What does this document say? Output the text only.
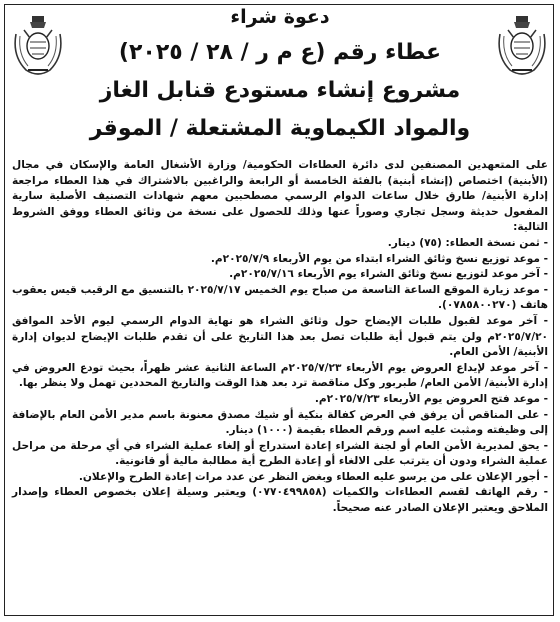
دعوة شراء
عطاء رقم (ع م ر / ٢٨ / ٢٠٢٥)
مشروع إنشاء مستودع قنابل الغاز
والمواد الكيماوية المشتعلة / الموقر

على المتعهدين المصنفين لدى دائرة العطاءات الحكومية/ وزارة الأشغال العامة والإسكان في مجال (الأبنية) اختصاص (إنشاء أبنية) بالفئة الخامسة أو الرابعة والراغبين بالاشتراك في هذا العطاء مراجعة إدارة الأبنية/ طارق خلال ساعات الدوام الرسمي مصطحبين معهم شهادات التصنيف الأصلية سارية المفعول حديثة وسجل تجاري وصوراً عنها وذلك للحصول على نسخة من وثائق العطاء ووفق الشروط التالية:

- ثمن نسخة العطاء: (٧٥) دينار.
- موعد توزيع نسخ وثائق الشراء ابتداء من يوم الأربعاء ٢٠٢٥/٧/٩م.
- آخر موعد لتوزيع نسخ وثائق الشراء يوم الأربعاء ٢٠٢٥/٧/١٦م.
- موعد زيارة الموقع الساعة التاسعة من صباح يوم الخميس ٢٠٢٥/٧/١٧ بالتنسيق مع الرقيب قيس يعقوب هاتف (٠٧٨٥٨٠٠٢٧٠).
- آخر موعد لقبول طلبات الإيضاح حول وثائق الشراء هو نهاية الدوام الرسمي ليوم الأحد الموافق ٢٠٢٥/٧/٢٠م ولن يتم قبول أية طلبات تصل بعد هذا التاريخ على أن تقدم طلبات الإيضاح لديوان إدارة الأبنية/ الأمن العام.
- آخر موعد لإيداع العروض يوم الأربعاء ٢٠٢٥/٧/٢٣م الساعة الثانية عشر ظهراً، بحيث تودع العروض في إدارة الأبنية/ الأمن العام/ طبربور وكل مناقصة ترد بعد هذا الوقت والتاريخ المحددين تهمل ولا ينظر بها.
- موعد فتح العروض يوم الأربعاء ٢٠٢٥/٧/٢٣م.
- على المناقص أن يرفق في العرض كفالة بنكية أو شيك مصدق معنونة باسم مدير الأمن العام بالإضافة إلى وظيفته ومثبت عليه اسم ورقم العطاء بقيمة (١٠٠٠) دينار.
- يحق لمديرية الأمن العام أو لجنة الشراء إعادة استدراج أو إلغاء عملية الشراء في أي مرحلة من مراحل عملية الشراء ودون أن يترتب على الالغاء أو إعادة الطرح أية مطالبة مالية أو قانونية.
- أجور الإعلان على من يرسو عليه العطاء وبغض النظر عن عدد مرات إعادة الطرح والإعلان.
- رقم الهاتف لقسم العطاءات والكميات (٠٧٧٠٤٩٩٨٥٨) ويعتبر وسيلة إعلان بخصوص العطاء وإصدار الملاحق ويعتبر الإعلان الصادر عنه صحيحاً.
